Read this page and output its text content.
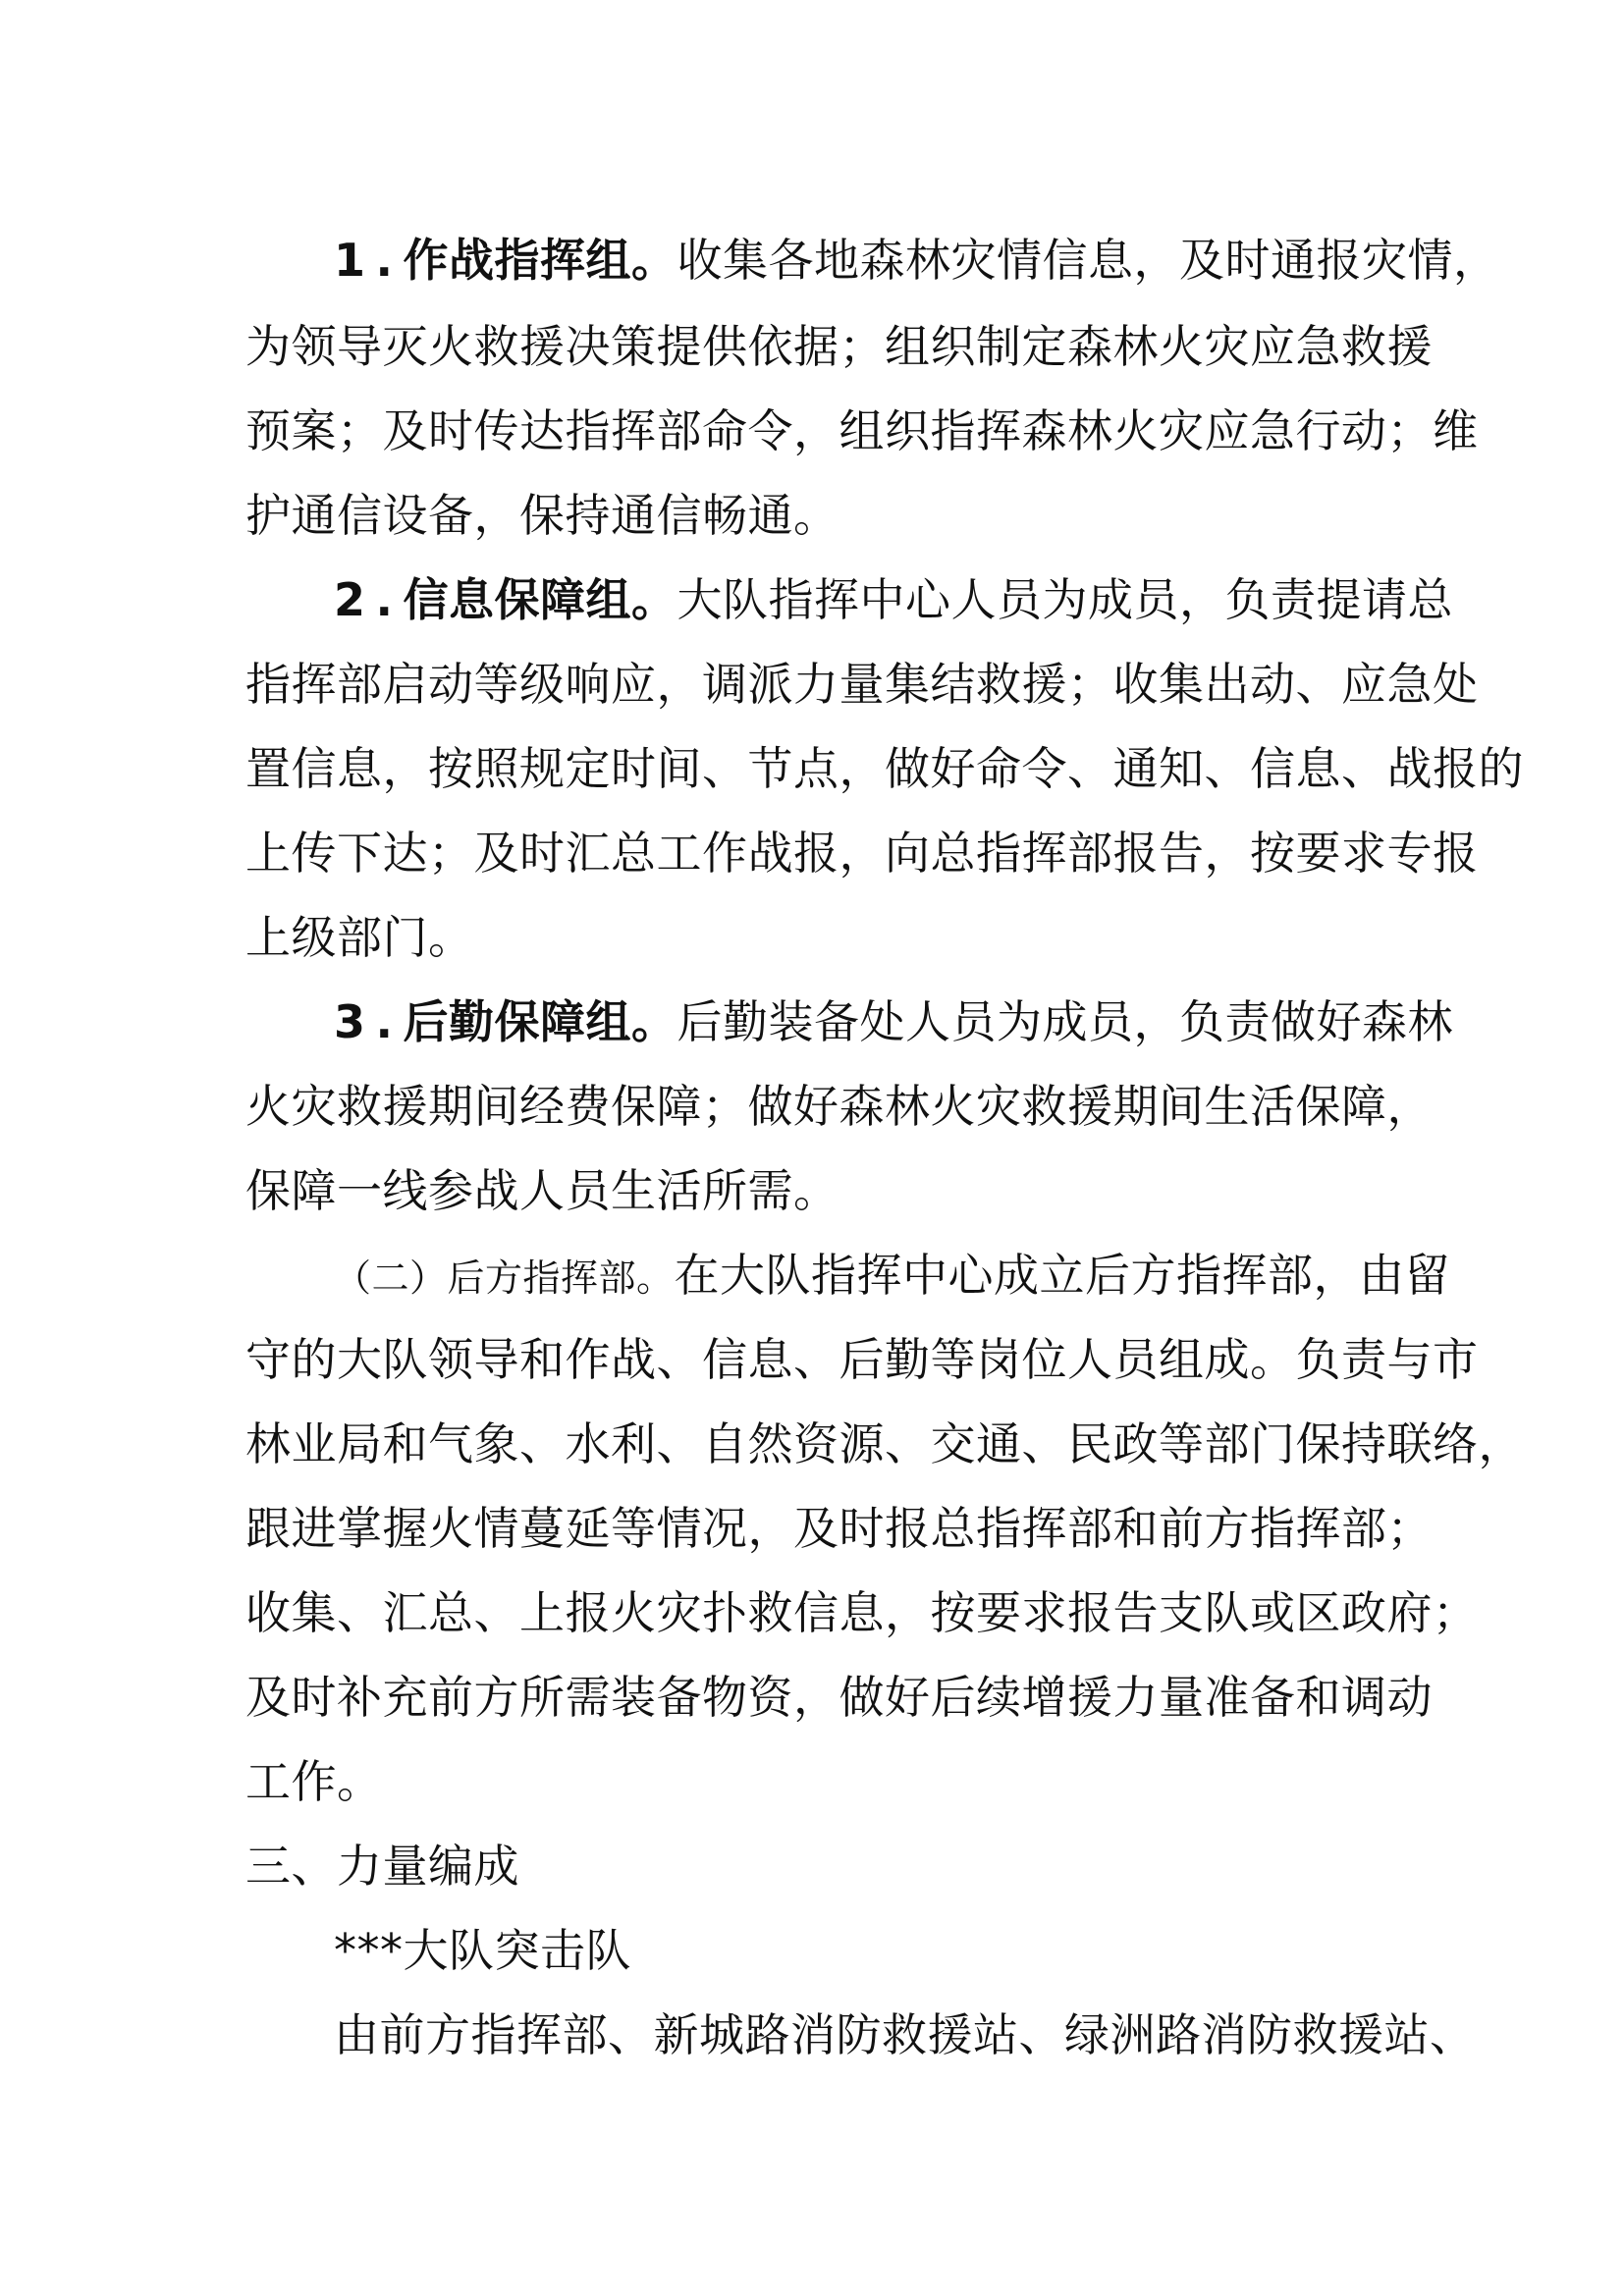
1 . 作战指挥组。收集各地森林灾情信息，及时通报灾情，
为领导灭火救援决策提供依据；组织制定森林火灾应急救援
预案；及时传达指挥部命令，组织指挥森林火灾应急行动；维
护通信设备，保持通信畅通。
2 . 信息保障组。大队指挥中心人员为成员，负责提请总
指挥部启动等级响应，调派力量集结救援；收集出动、应急处
置信息，按照规定时间、节点，做好命令、通知、信息、战报的
上传下达；及时汇总工作战报，向总指挥部报告，按要求专报
上级部门。
3 . 后勤保障组。后勤装备处人员为成员，负责做好森林
火灾救援期间经费保障；做好森林火灾救援期间生活保障，
保障一线参战人员生活所需。
（二）后方指挥部。在大队指挥中心成立后方指挥部，由留
守的大队领导和作战、信息、后勤等岗位人员组成。负责与市
林业局和气象、水利、自然资源、交通、民政等部门保持联络，
跟进掌握火情蔓延等情况，及时报总指挥部和前方指挥部；
收集、汇总、上报火灾扑救信息，按要求报告支队或区政府；
及时补充前方所需装备物资，做好后续增援力量准备和调动
工作。
三、力量编成
***大队突击队
由前方指挥部、新城路消防救援站、绿洲路消防救援站、
